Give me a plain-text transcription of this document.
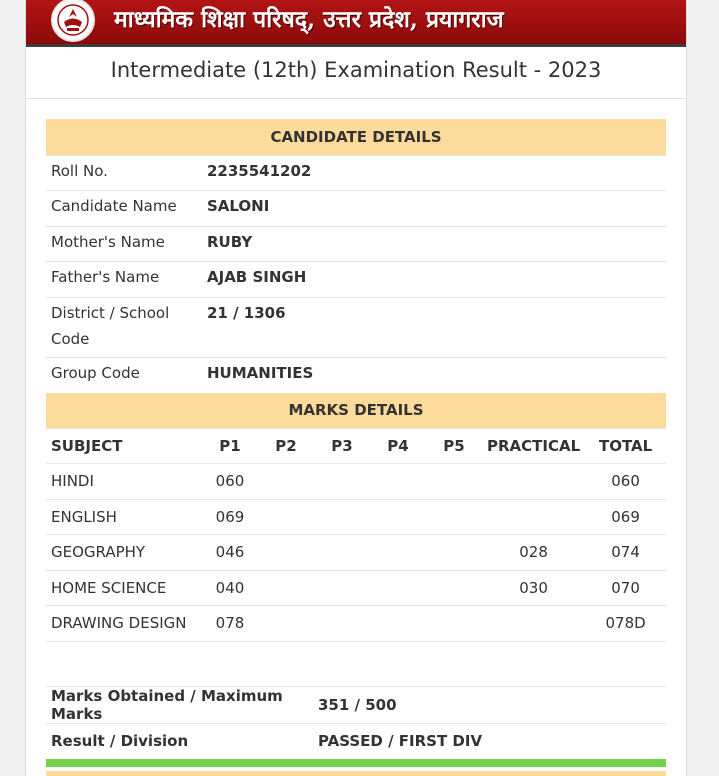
माध्यमिक शिक्षा परिषद्, उत्तर प्रदेश, प्रयागराज
Intermediate (12th) Examination Result - 2023
CANDIDATE DETAILS	
Roll No.	2235541202
Candidate Name	SALONI
Mother's Name	RUBY
Father's Name	AJAB SINGH
District / School Code	21 / 1306
Group Code	HUMANITIES
MARKS DETAILS							
SUBJECT	P1	P2	P3	P4	P5	PRACTICAL	TOTAL
HINDI	060						060
ENGLISH	069						069
GEOGRAPHY	046					028	074
HOME SCIENCE	040					030	070
DRAWING DESIGN	078						078D

Marks Obtained / Maximum Marks	351 / 500
Result / Division	PASSED / FIRST DIV
